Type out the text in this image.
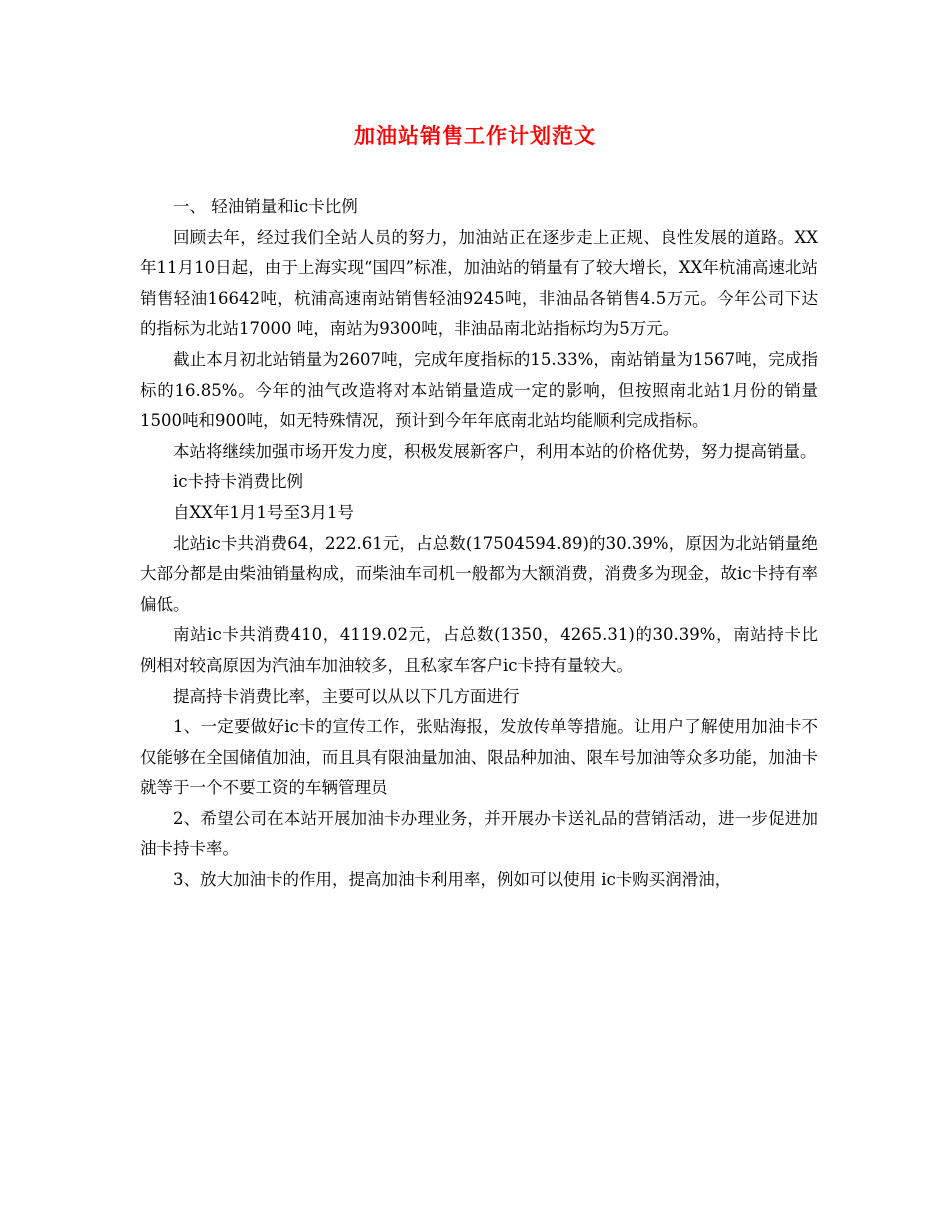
加油站销售工作计划范文

一、 轻油销量和ic卡比例

回顾去年，经过我们全站人员的努力，加油站正在逐步走上正规、良性发展的道路。XX年11月10日起，由于上海实现“国四”标准，加油站的销量有了较大增长，XX年杭浦高速北站销售轻油16642吨，杭浦高速南站销售轻油9245吨，非油品各销售4.5万元。今年公司下达的指标为北站17000 吨，南站为9300吨，非油品南北站指标均为5万元。

截止本月初北站销量为2607吨，完成年度指标的15.33%，南站销量为1567吨，完成指标的16.85%。今年的油气改造将对本站销量造成一定的影响，但按照南北站1月份的销量1500吨和900吨，如无特殊情况，预计到今年年底南北站均能顺利完成指标。

本站将继续加强市场开发力度，积极发展新客户，利用本站的价格优势，努力提高销量。

ic卡持卡消费比例

自XX年1月1号至3月1号

北站ic卡共消费64，222.61元，占总数(17504594.89)的30.39%，原因为北站销量绝大部分都是由柴油销量构成，而柴油车司机一般都为大额消费，消费多为现金，故ic卡持有率偏低。

南站ic卡共消费410，4119.02元，占总数(1350，4265.31)的30.39%，南站持卡比例相对较高原因为汽油车加油较多，且私家车客户ic卡持有量较大。

提高持卡消费比率，主要可以从以下几方面进行

1、一定要做好ic卡的宣传工作，张贴海报，发放传单等措施。让用户了解使用加油卡不仅能够在全国储值加油，而且具有限油量加油、限品种加油、限车号加油等众多功能，加油卡就等于一个不要工资的车辆管理员

2、希望公司在本站开展加油卡办理业务，并开展办卡送礼品的营销活动，进一步促进加油卡持卡率。

3、放大加油卡的作用，提高加油卡利用率，例如可以使用 ic卡购买润滑油，
